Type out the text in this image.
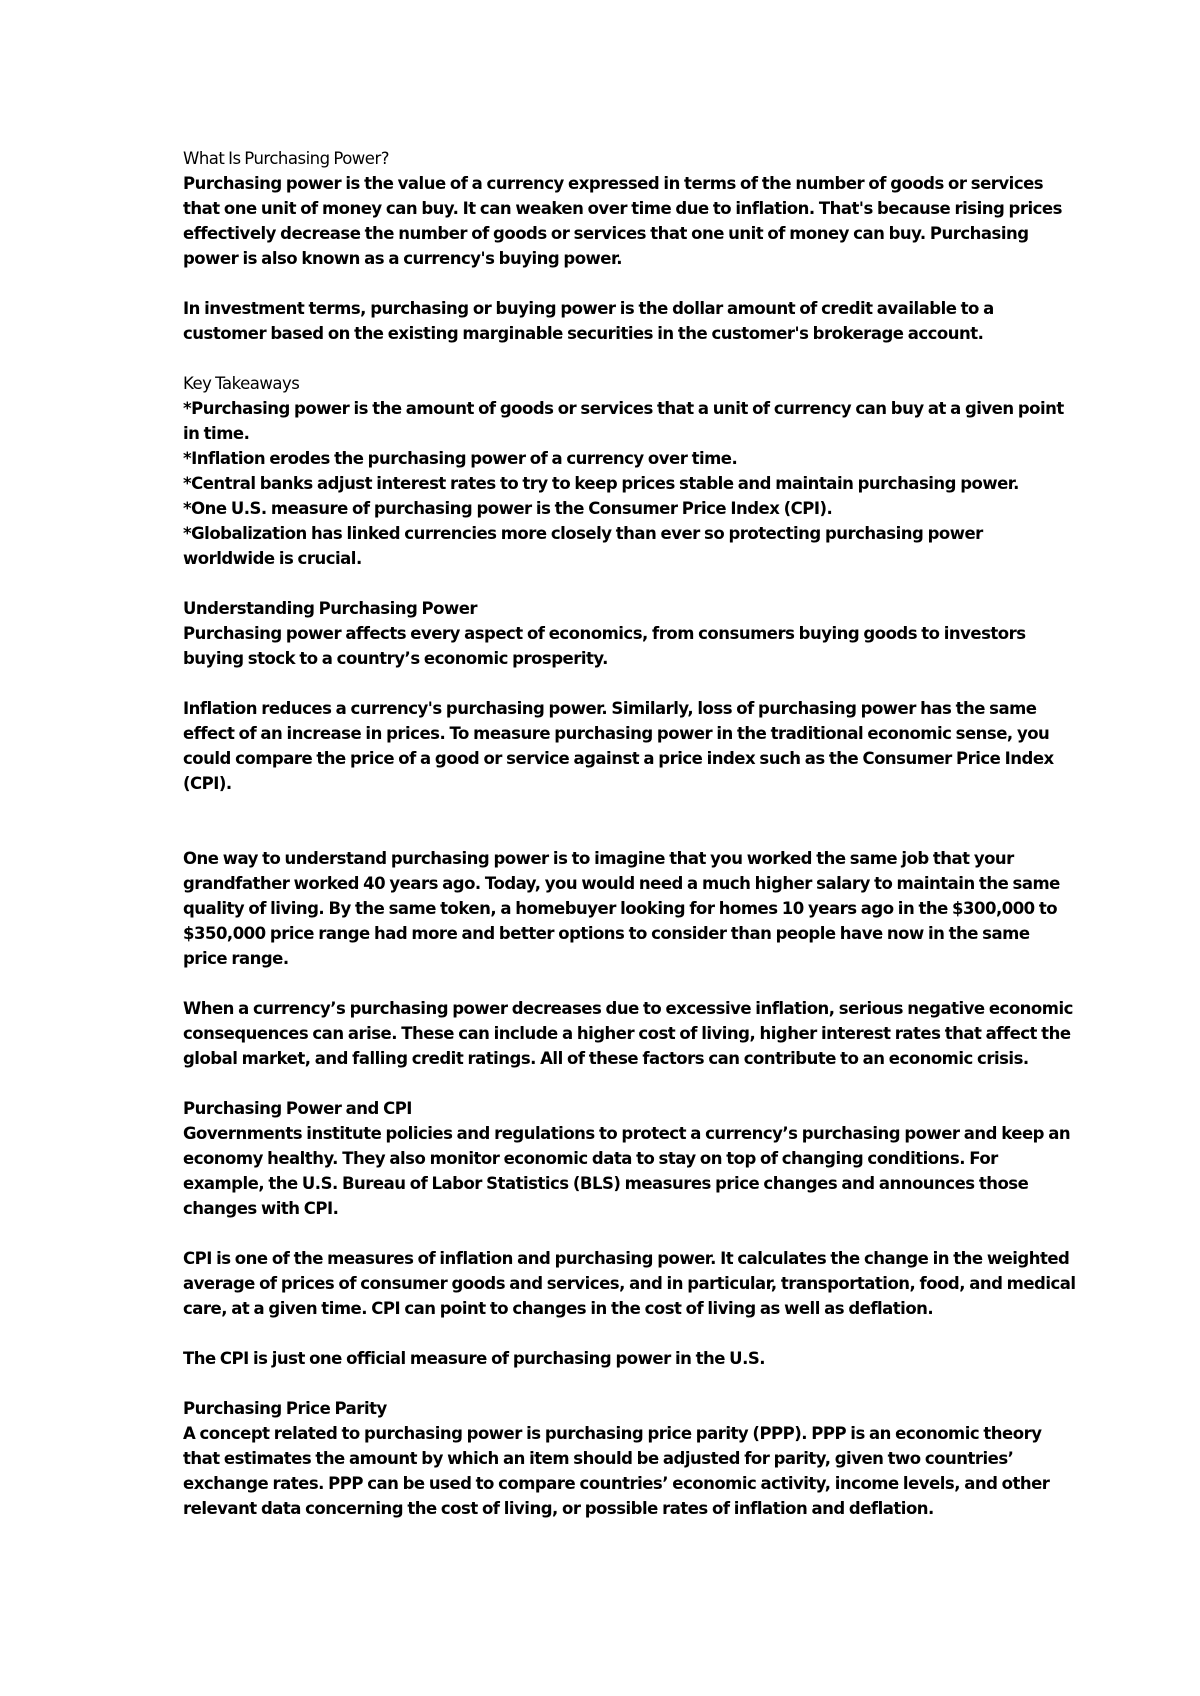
What Is Purchasing Power?
Purchasing power is the value of a currency expressed in terms of the number of goods or services
that one unit of money can buy. It can weaken over time due to inflation. That's because rising prices
effectively decrease the number of goods or services that one unit of money can buy. Purchasing
power is also known as a currency's buying power.
In investment terms, purchasing or buying power is the dollar amount of credit available to a
customer based on the existing marginable securities in the customer's brokerage account.
Key Takeaways
*Purchasing power is the amount of goods or services that a unit of currency can buy at a given point
in time.
*Inflation erodes the purchasing power of a currency over time.
*Central banks adjust interest rates to try to keep prices stable and maintain purchasing power.
*One U.S. measure of purchasing power is the Consumer Price Index (CPI).
*Globalization has linked currencies more closely than ever so protecting purchasing power
worldwide is crucial.
Understanding Purchasing Power
Purchasing power affects every aspect of economics, from consumers buying goods to investors
buying stock to a country’s economic prosperity.
Inflation reduces a currency's purchasing power. Similarly, loss of purchasing power has the same
effect of an increase in prices. To measure purchasing power in the traditional economic sense, you
could compare the price of a good or service against a price index such as the Consumer Price Index
(CPI).
One way to understand purchasing power is to imagine that you worked the same job that your
grandfather worked 40 years ago. Today, you would need a much higher salary to maintain the same
quality of living. By the same token, a homebuyer looking for homes 10 years ago in the $300,000 to
$350,000 price range had more and better options to consider than people have now in the same
price range.
When a currency’s purchasing power decreases due to excessive inflation, serious negative economic
consequences can arise. These can include a higher cost of living, higher interest rates that affect the
global market, and falling credit ratings. All of these factors can contribute to an economic crisis.
Purchasing Power and CPI
Governments institute policies and regulations to protect a currency’s purchasing power and keep an
economy healthy. They also monitor economic data to stay on top of changing conditions. For
example, the U.S. Bureau of Labor Statistics (BLS) measures price changes and announces those
changes with CPI.
CPI is one of the measures of inflation and purchasing power. It calculates the change in the weighted
average of prices of consumer goods and services, and in particular, transportation, food, and medical
care, at a given time. CPI can point to changes in the cost of living as well as deflation.
The CPI is just one official measure of purchasing power in the U.S.
Purchasing Price Parity
A concept related to purchasing power is purchasing price parity (PPP). PPP is an economic theory
that estimates the amount by which an item should be adjusted for parity, given two countries’
exchange rates. PPP can be used to compare countries’ economic activity, income levels, and other
relevant data concerning the cost of living, or possible rates of inflation and deflation.
